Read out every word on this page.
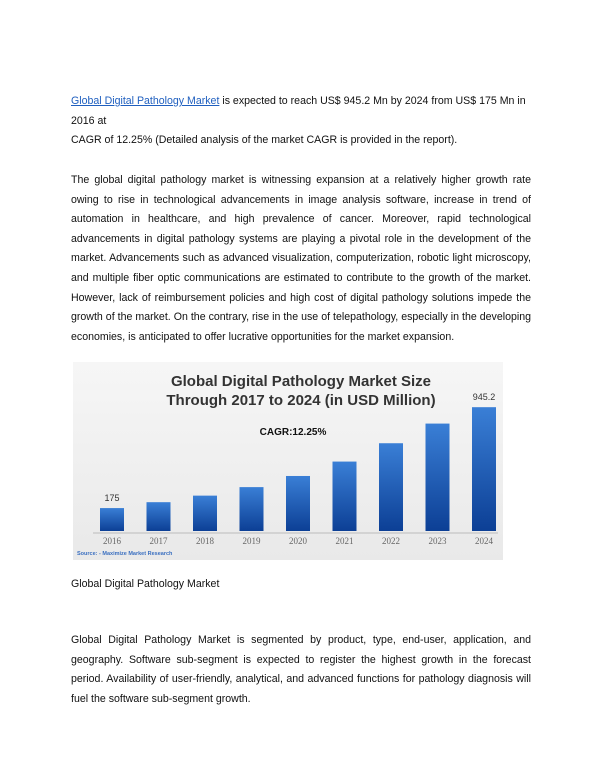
Global Digital Pathology Market is expected to reach US$ 945.2 Mn by 2024 from US$ 175 Mn in 2016 at
CAGR of 12.25% (Detailed analysis of the market CAGR is provided in the report).

The global digital pathology market is witnessing expansion at a relatively higher growth rate owing to rise in technological advancements in image analysis software, increase in trend of automation in healthcare, and high prevalence of cancer. Moreover, rapid technological advancements in digital pathology systems are playing a pivotal role in the development of the market. Advancements such as advanced visualization, computerization, robotic light microscopy, and multiple fiber optic communications are estimated to contribute to the growth of the market. However, lack of reimbursement policies and high cost of digital pathology solutions impede the growth of the market. On the contrary, rise in the use of telepathology, especially in the developing economies, is anticipated to offer lucrative opportunities for the market expansion.

Global Digital Pathology Market Size
Through 2017 to 2024 (in USD Million)
CAGR:12.25%
2016	2017	2018	2019	2020	2021	2022	2023	2024
175
945.2
Source: - Maximize Market Research
Global Digital Pathology Market

Global Digital Pathology Market is segmented by product, type, end-user, application, and geography. Software sub-segment is expected to register the highest growth in the forecast period. Availability of user-friendly, analytical, and advanced functions for pathology diagnosis will fuel the software sub-segment growth.
